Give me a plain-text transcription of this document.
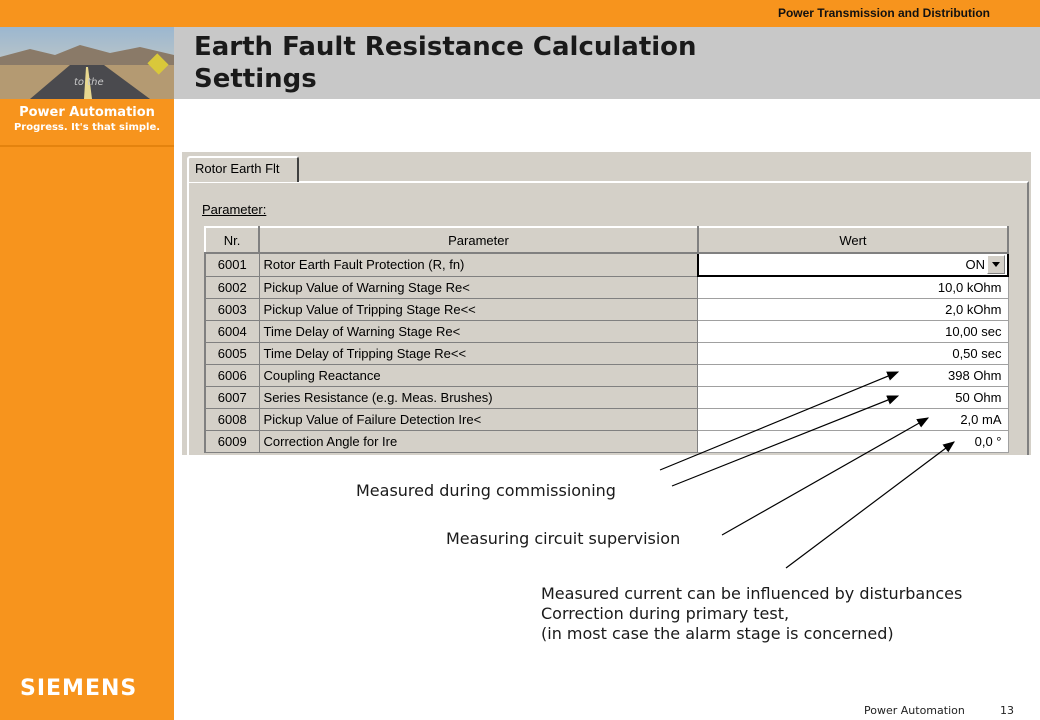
Power Transmission and Distribution
to the
Power Automation
Progress. It's that simple.
SIEMENS
Earth Fault Resistance Calculation
Settings
Rotor Earth Flt
Parameter:
Nr.	Parameter	Wert
6001	Rotor Earth Fault Protection (R, fn)	ON

6002	Pickup Value of Warning Stage Re<	10,0 kOhm
6003	Pickup Value of Tripping Stage Re<<	2,0 kOhm
6004	Time Delay of Warning Stage Re<	10,00 sec
6005	Time Delay of Tripping Stage Re<<	0,50 sec
6006	Coupling Reactance	398 Ohm
6007	Series Resistance (e.g. Meas. Brushes)	50 Ohm
6008	Pickup Value of Failure Detection Ire<	2,0 mA
6009	Correction Angle for Ire	0,0 °
Measured during commissioning
Measuring circuit supervision
Measured current can be influenced by disturbances
Correction during primary test,
(in most case the alarm stage is concerned)
Power Automation	13
